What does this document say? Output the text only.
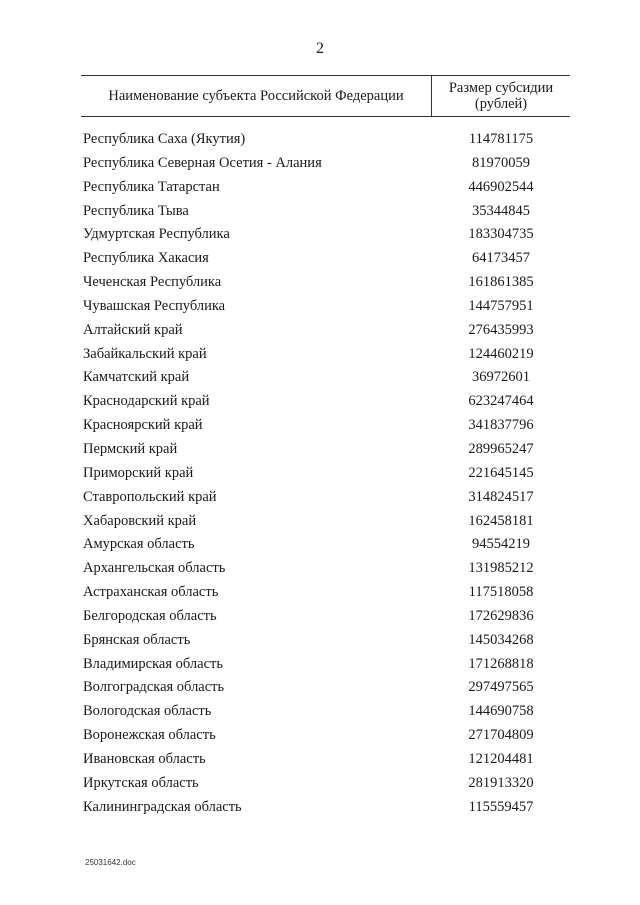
2
Наименование субъекта Российской Федерации	Размер субсидии
(рублей)
Республика Саха (Якутия)	114781175
Республика Северная Осетия - Алания	81970059
Республика Татарстан	446902544
Республика Тыва	35344845
Удмуртская Республика	183304735
Республика Хакасия	64173457
Чеченская Республика	161861385
Чувашская Республика	144757951
Алтайский край	276435993
Забайкальский край	124460219
Камчатский край	36972601
Краснодарский край	623247464
Красноярский край	341837796
Пермский край	289965247
Приморский край	221645145
Ставропольский край	314824517
Хабаровский край	162458181
Амурская область	94554219
Архангельская область	131985212
Астраханская область	117518058
Белгородская область	172629836
Брянская область	145034268
Владимирская область	171268818
Волгоградская область	297497565
Вологодская область	144690758
Воронежская область	271704809
Ивановская область	121204481
Иркутская область	281913320
Калининградская область	115559457
25031642.doc
